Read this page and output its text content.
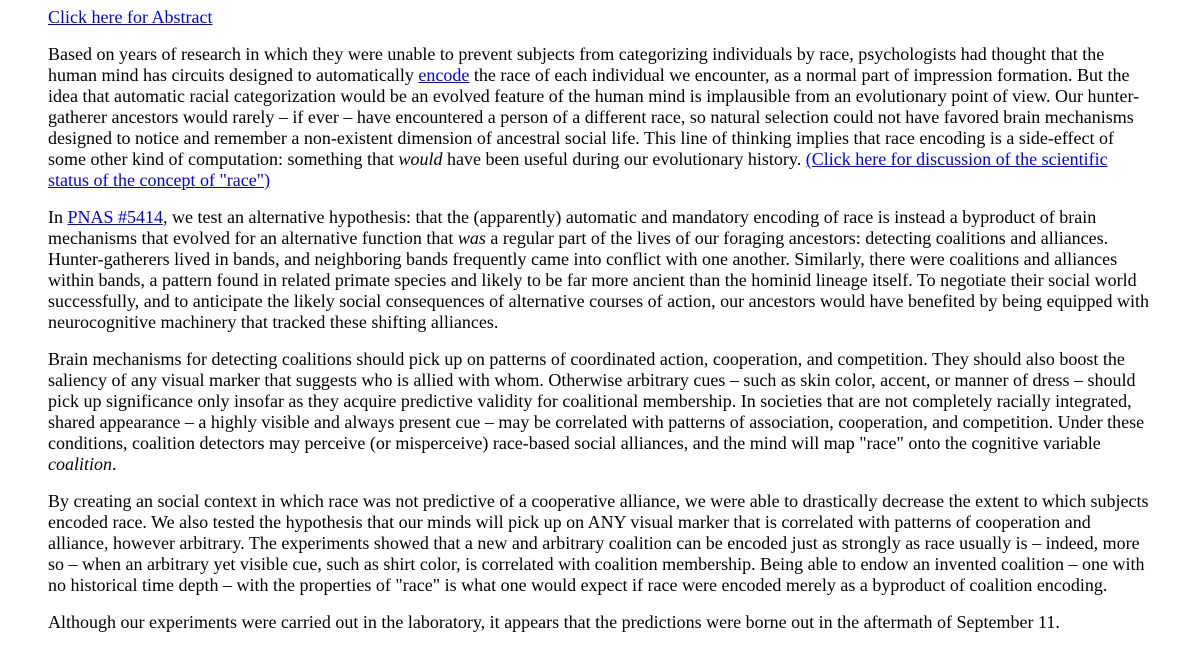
Click here for Abstract

Based on years of research in which they were unable to prevent subjects from categorizing individuals by race, psychologists had thought that the human mind has circuits designed to automatically encode the race of each individual we encounter, as a normal part of impression formation. But the idea that automatic racial categorization would be an evolved feature of the human mind is implausible from an evolutionary point of view. Our hunter-gatherer ancestors would rarely – if ever – have encountered a person of a different race, so natural selection could not have favored brain mechanisms designed to notice and remember a non-existent dimension of ancestral social life. This line of thinking implies that race encoding is a side-effect of some other kind of computation: something that would have been useful during our evolutionary history. (Click here for discussion of the scientific status of the concept of "race")

In PNAS #5414, we test an alternative hypothesis: that the (apparently) automatic and mandatory encoding of race is instead a byproduct of brain mechanisms that evolved for an alternative function that was a regular part of the lives of our foraging ancestors: detecting coalitions and alliances. Hunter-gatherers lived in bands, and neighboring bands frequently came into conflict with one another. Similarly, there were coalitions and alliances within bands, a pattern found in related primate species and likely to be far more ancient than the hominid lineage itself. To negotiate their social world successfully, and to anticipate the likely social consequences of alternative courses of action, our ancestors would have benefited by being equipped with neurocognitive machinery that tracked these shifting alliances.

Brain mechanisms for detecting coalitions should pick up on patterns of coordinated action, cooperation, and competition. They should also boost the saliency of any visual marker that suggests who is allied with whom. Otherwise arbitrary cues – such as skin color, accent, or manner of dress – should pick up significance only insofar as they acquire predictive validity for coalitional membership. In societies that are not completely racially integrated, shared appearance – a highly visible and always present cue – may be correlated with patterns of association, cooperation, and competition. Under these conditions, coalition detectors may perceive (or misperceive) race-based social alliances, and the mind will map "race" onto the cognitive variable coalition.

By creating an social context in which race was not predictive of a cooperative alliance, we were able to drastically decrease the extent to which subjects encoded race. We also tested the hypothesis that our minds will pick up on ANY visual marker that is correlated with patterns of cooperation and alliance, however arbitrary. The experiments showed that a new and arbitrary coalition can be encoded just as strongly as race usually is – indeed, more so – when an arbitrary yet visible cue, such as shirt color, is correlated with coalition membership. Being able to endow an invented coalition – one with no historical time depth – with the properties of "race" is what one would expect if race were encoded merely as a byproduct of coalition encoding.

Although our experiments were carried out in the laboratory, it appears that the predictions were borne out in the aftermath of September 11.
